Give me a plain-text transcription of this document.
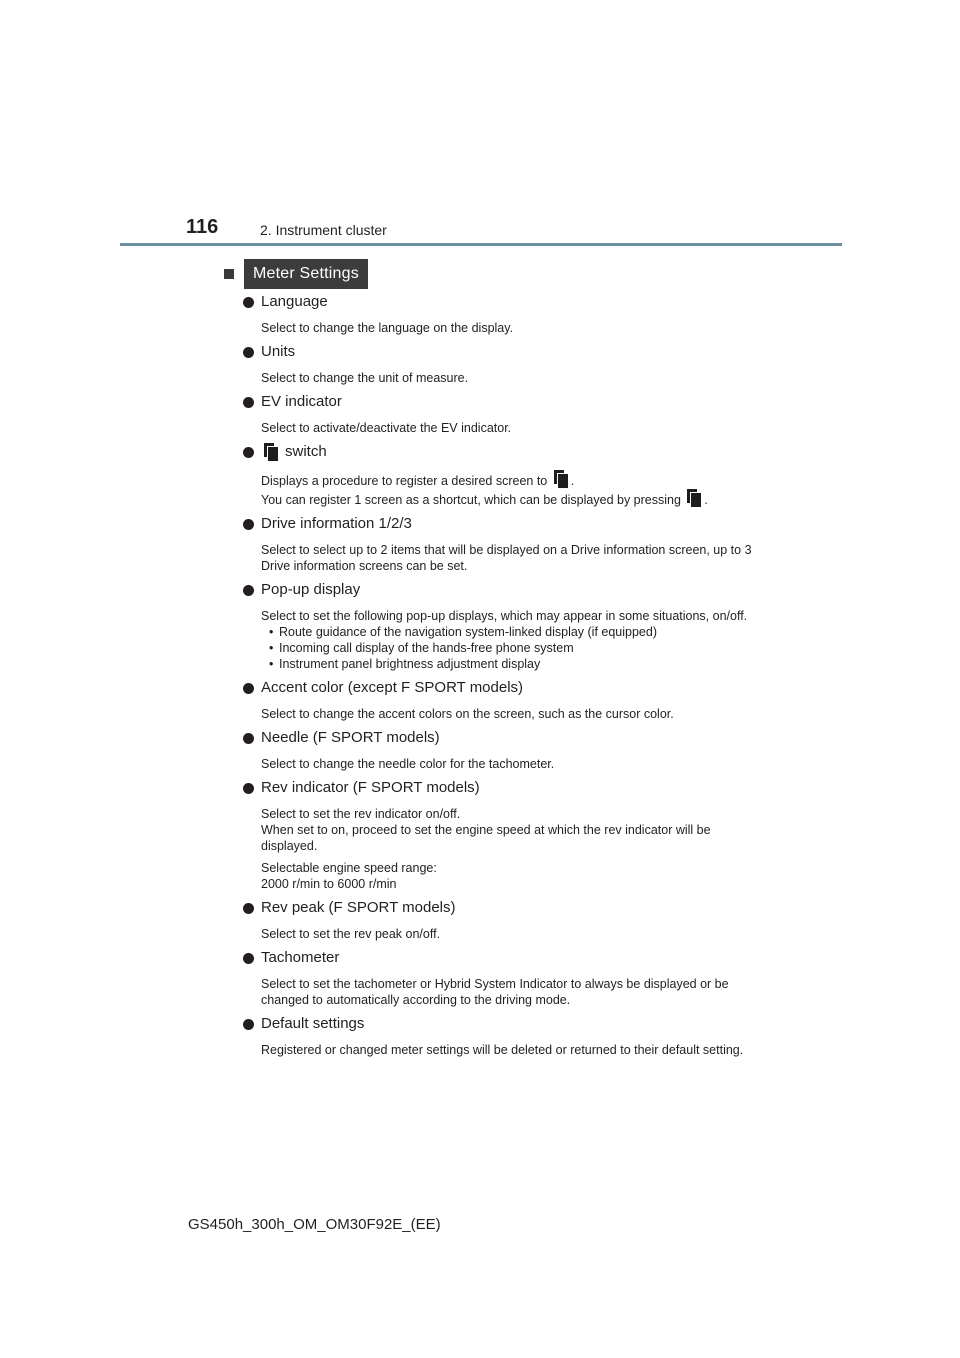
116	2. Instrument cluster
Meter Settings
Language

Select to change the language on the display.

Units

Select to change the unit of measure.

EV indicator

Select to activate/deactivate the EV indicator.

switch

Displays a procedure to register a desired screen to .

You can register 1 screen as a shortcut, which can be displayed by pressing .

Drive information 1/2/3

Select to select up to 2 items that will be displayed on a Drive information screen, up to 3 Drive information screens can be set.

Pop-up display

Select to set the following pop-up displays, which may appear in some situations, on/off.

• Route guidance of the navigation system-linked display (if equipped)
• Incoming call display of the hands-free phone system
• Instrument panel brightness adjustment display
Accent color (except F SPORT models)

Select to change the accent colors on the screen, such as the cursor color.

Needle (F SPORT models)

Select to change the needle color for the tachometer.

Rev indicator (F SPORT models)

Select to set the rev indicator on/off.

When set to on, proceed to set the engine speed at which the rev indicator will be displayed.

Selectable engine speed range:

2000 r/min to 6000 r/min

Rev peak (F SPORT models)

Select to set the rev peak on/off.

Tachometer

Select to set the tachometer or Hybrid System Indicator to always be displayed or be changed to automatically according to the driving mode.

Default settings

Registered or changed meter settings will be deleted or returned to their default setting.

GS450h_300h_OM_OM30F92E_(EE)
